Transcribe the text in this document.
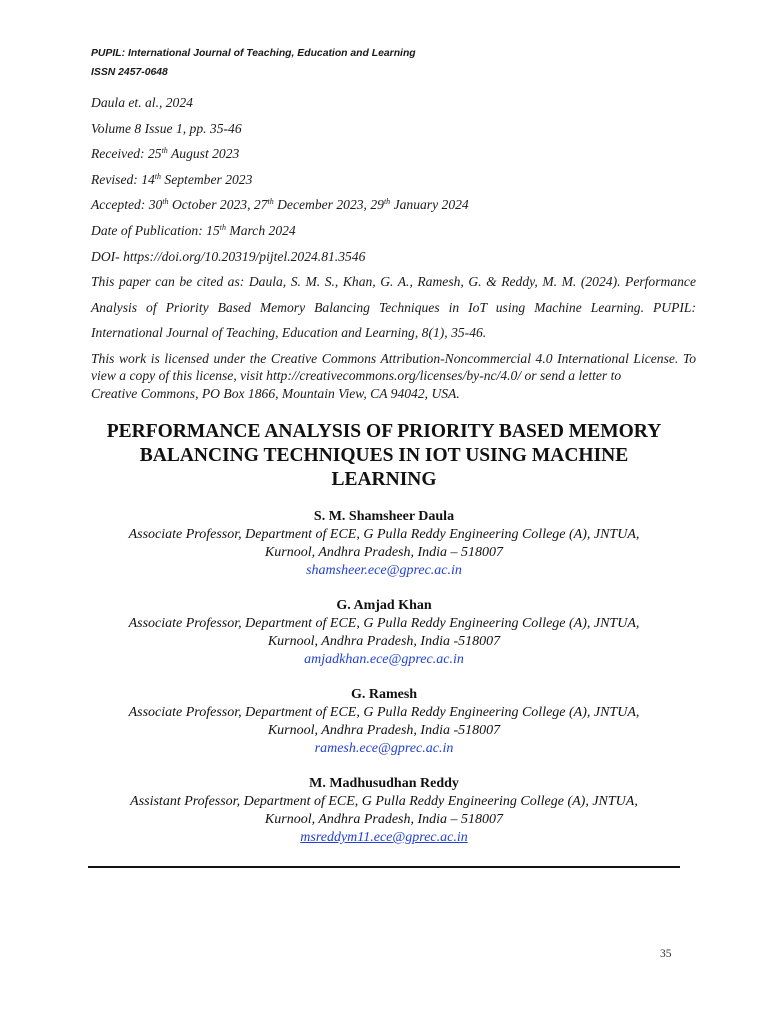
PUPIL: International Journal of Teaching, Education and Learning
ISSN 2457-0648
Daula et. al., 2024
Volume 8 Issue 1, pp. 35-46
Received: 25th August 2023
Revised: 14th September 2023
Accepted: 30th October 2023, 27th December 2023, 29th January 2024
Date of Publication: 15th March 2024
DOI- https://doi.org/10.20319/pijtel.2024.81.3546
This paper can be cited as: Daula, S. M. S., Khan, G. A., Ramesh, G. & Reddy, M. M. (2024). Performance
Analysis of Priority Based Memory Balancing Techniques in IoT using Machine Learning. PUPIL:
International Journal of Teaching, Education and Learning, 8(1), 35-46.
This work is licensed under the Creative Commons Attribution-Noncommercial 4.0 International License. To view a copy of this license, visit http://creativecommons.org/licenses/by-nc/4.0/ or send a letter to
Creative Commons, PO Box 1866, Mountain View, CA 94042, USA.
PERFORMANCE ANALYSIS OF PRIORITY BASED MEMORY
BALANCING TECHNIQUES IN IOT USING MACHINE
LEARNING
S. M. Shamsheer Daula
Associate Professor, Department of ECE, G Pulla Reddy Engineering College (A), JNTUA,
Kurnool, Andhra Pradesh, India – 518007
shamsheer.ece@gprec.ac.in
G. Amjad Khan
Associate Professor, Department of ECE, G Pulla Reddy Engineering College (A), JNTUA,
Kurnool, Andhra Pradesh, India -518007
amjadkhan.ece@gprec.ac.in
G. Ramesh
Associate Professor, Department of ECE, G Pulla Reddy Engineering College (A), JNTUA,
Kurnool, Andhra Pradesh, India -518007
ramesh.ece@gprec.ac.in
M. Madhusudhan Reddy
Assistant Professor, Department of ECE, G Pulla Reddy Engineering College (A), JNTUA,
Kurnool, Andhra Pradesh, India – 518007
msreddym11.ece@gprec.ac.in
35
